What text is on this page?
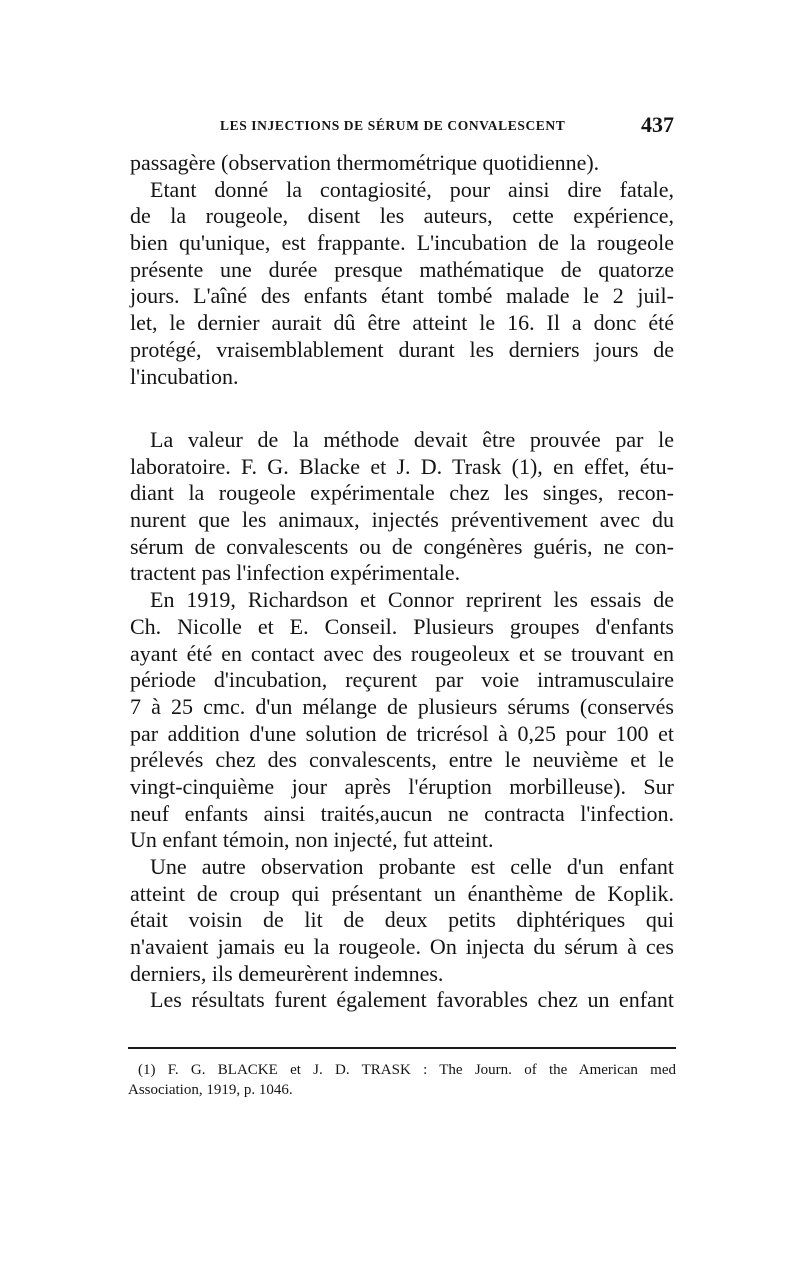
LES INJECTIONS DE SÉRUM DE CONVALESCENT	437
passagère (observation thermométrique quotidienne).
Etant donné la contagiosité, pour ainsi dire fatale,
de la rougeole, disent les auteurs, cette expérience,
bien qu'unique, est frappante. L'incubation de la rougeole
présente une durée presque mathématique de quatorze
jours. L'aîné des enfants étant tombé malade le 2 juil-
let, le dernier aurait dû être atteint le 16. Il a donc été
protégé, vraisemblablement durant les derniers jours de
l'incubation.
La valeur de la méthode devait être prouvée par le
laboratoire. F. G. Blacke et J. D. Trask (1), en effet, étu-
diant la rougeole expérimentale chez les singes, recon-
nurent que les animaux, injectés préventivement avec du
sérum de convalescents ou de congénères guéris, ne con-
tractent pas l'infection expérimentale.
En 1919, Richardson et Connor reprirent les essais de
Ch. Nicolle et E. Conseil. Plusieurs groupes d'enfants
ayant été en contact avec des rougeoleux et se trouvant en
période d'incubation, reçurent par voie intramusculaire
7 à 25 cmc. d'un mélange de plusieurs sérums (conservés
par addition d'une solution de tricrésol à 0,25 pour 100 et
prélevés chez des convalescents, entre le neuvième et le
vingt-cinquième jour après l'éruption morbilleuse). Sur
neuf enfants ainsi traités,aucun ne contracta l'infection.
Un enfant témoin, non injecté, fut atteint.
Une autre observation probante est celle d'un enfant
atteint de croup qui présentant un énanthème de Koplik.
était voisin de lit de deux petits diphtériques qui
n'avaient jamais eu la rougeole. On injecta du sérum à ces
derniers, ils demeurèrent indemnes.
Les résultats furent également favorables chez un enfant
(1) F. G. BLACKE et J. D. TRASK : The Journ. of the American med
Association, 1919, p. 1046.
